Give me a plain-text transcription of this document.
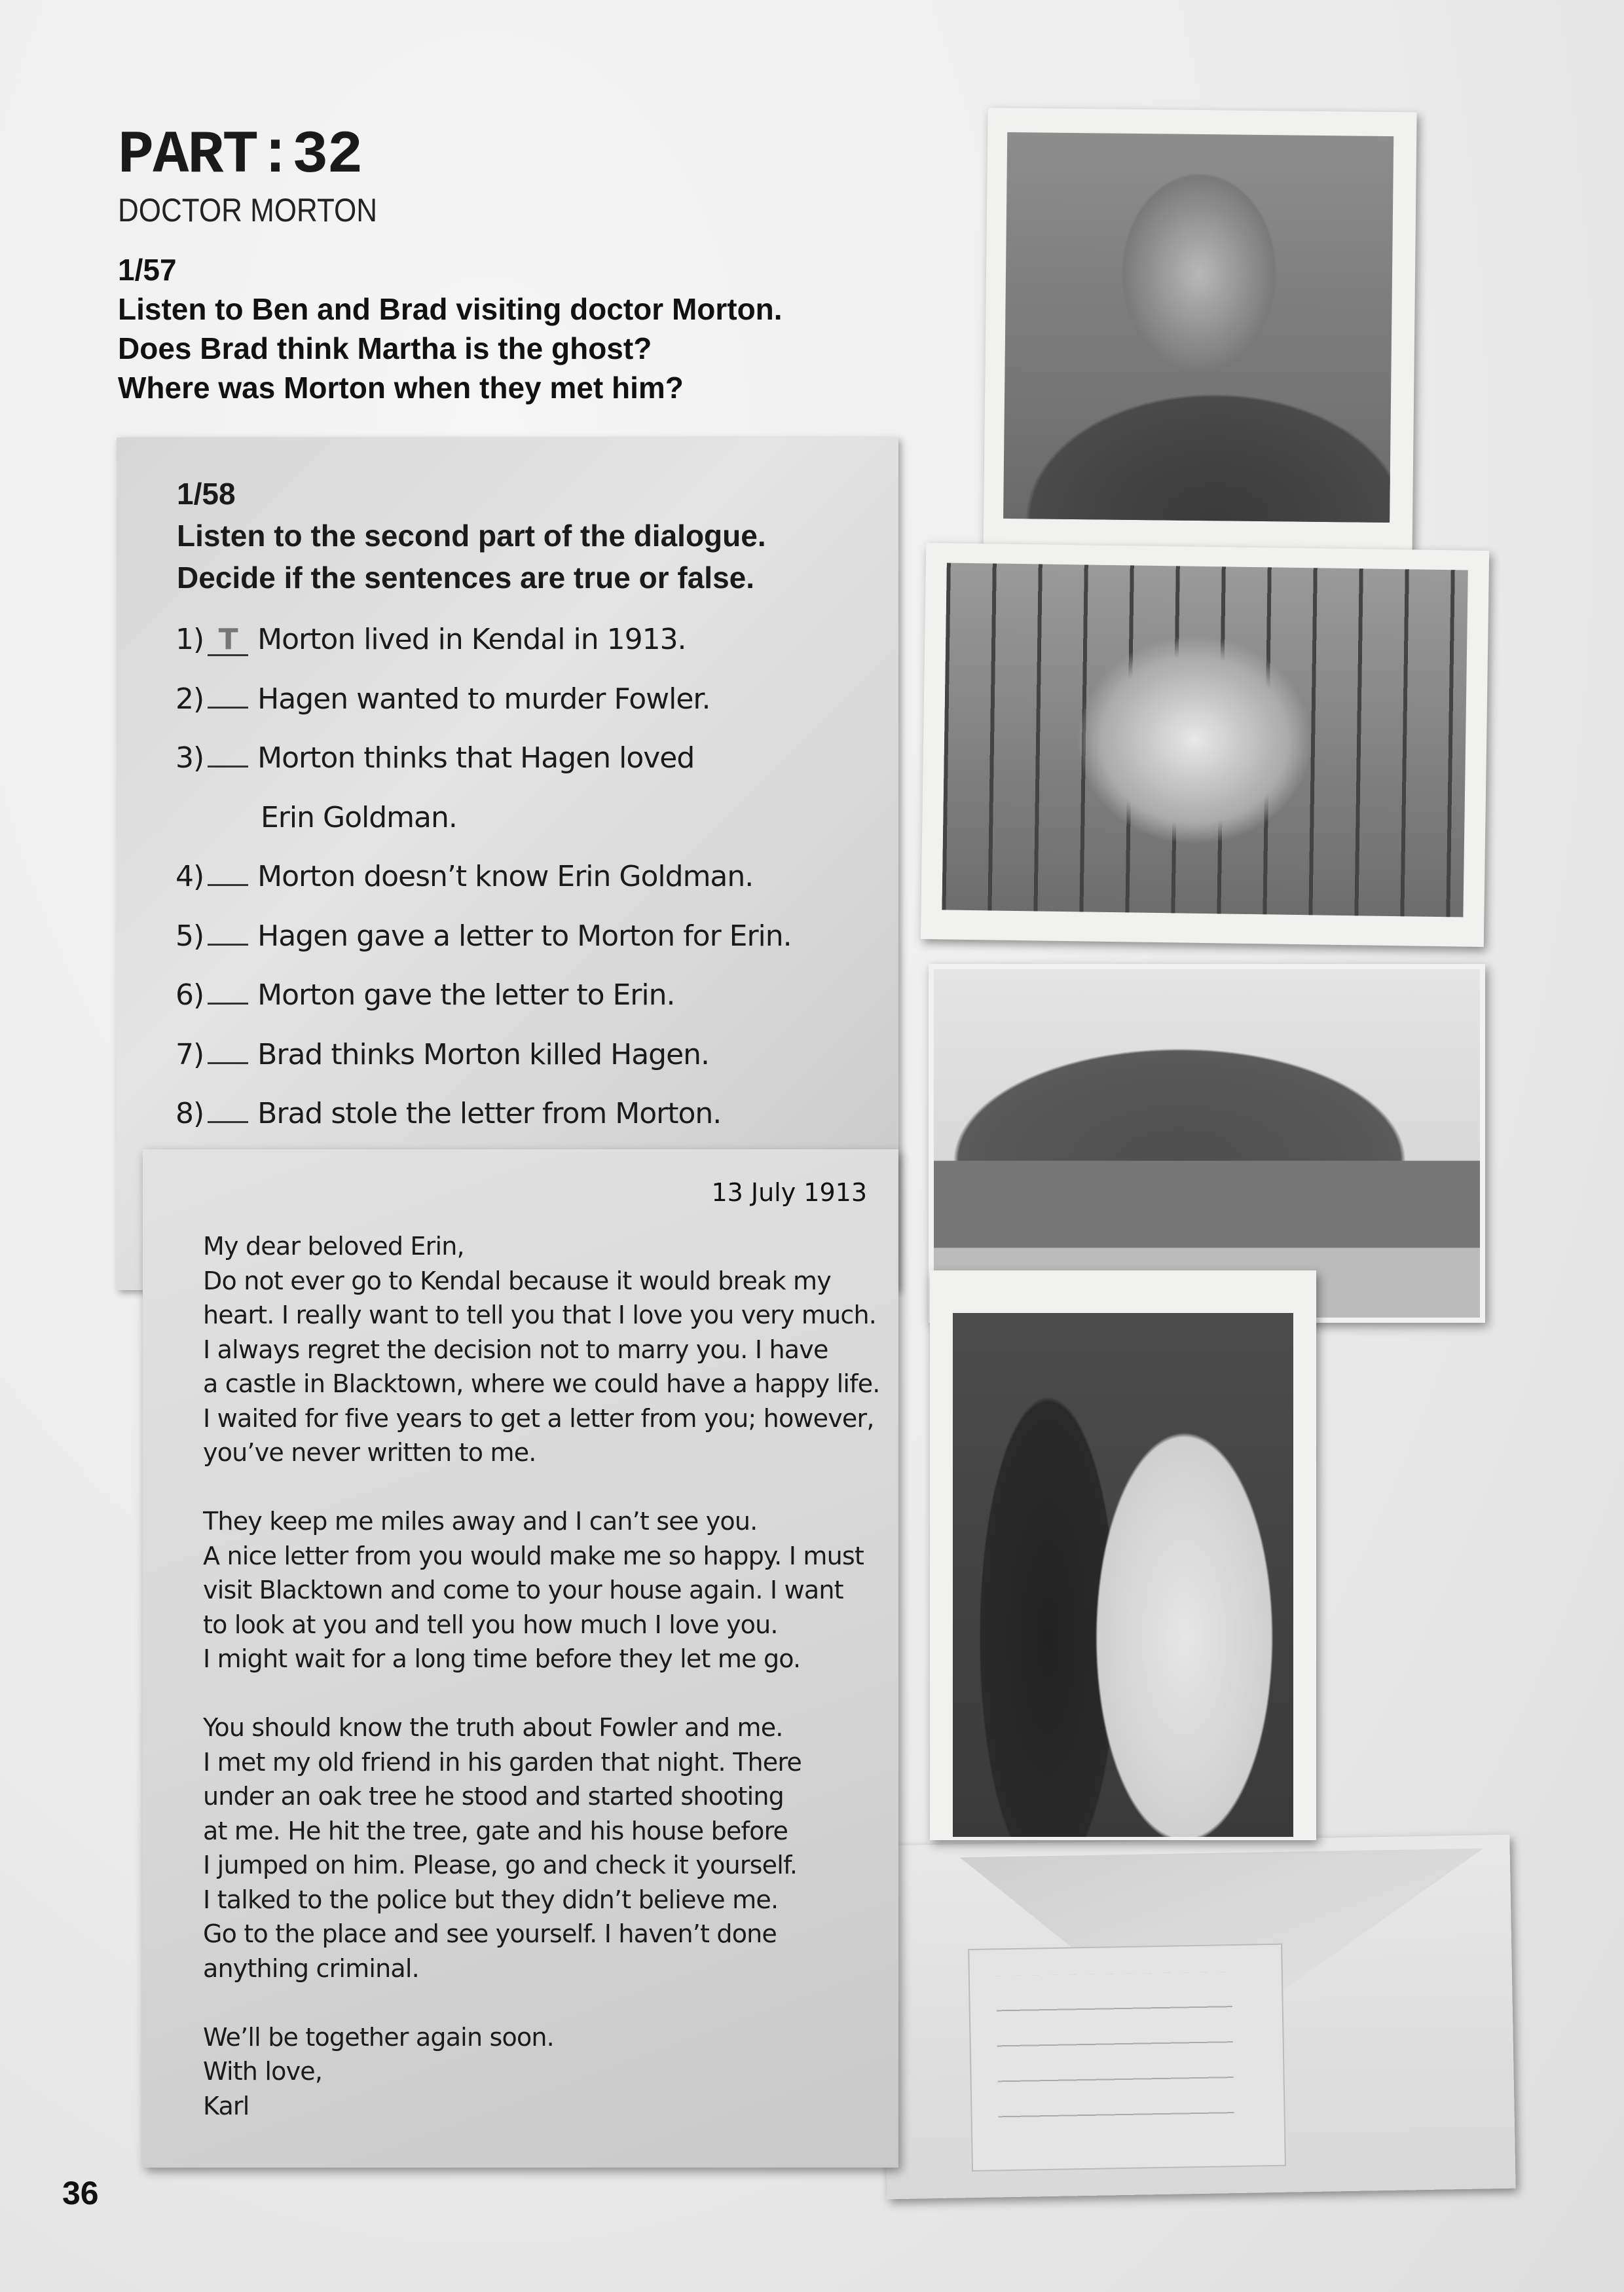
PART:32
DOCTOR MORTON
1/57
Listen to Ben and Brad visiting doctor Morton.
Does Brad think Martha is the ghost?
Where was Morton when they met him?
1/58
Listen to the second part of the dialogue.
Decide if the sentences are true or false.
1) T Morton lived in Kendal in 1913.
2) Hagen wanted to murder Fowler.
3) Morton thinks that Hagen loved
Erin Goldman.
4) Morton doesn’t know Erin Goldman.
5) Hagen gave a letter to Morton for Erin.
6) Morton gave the letter to Erin.
7) Brad thinks Morton killed Hagen.
8) Brad stole the letter from Morton.
13 July 1913
My dear beloved Erin,
Do not ever go to Kendal because it would break my
heart. I really want to tell you that I love you very much.
I always regret the decision not to marry you. I have
a castle in Blacktown, where we could have a happy life.
I waited for five years to get a letter from you; however,
you’ve never written to me.

They keep me miles away and I can’t see you.
A nice letter from you would make me so happy. I must
visit Blacktown and come to your house again. I want
to look at you and tell you how much I love you.
I might wait for a long time before they let me go.

You should know the truth about Fowler and me.
I met my old friend in his garden that night. There
under an oak tree he stood and started shooting
at me. He hit the tree, gate and his house before
I jumped on him. Please, go and check it yourself.
I talked to the police but they didn’t believe me.
Go to the place and see yourself. I haven’t done
anything criminal.

We’ll be together again soon.
With love,
Karl
36
